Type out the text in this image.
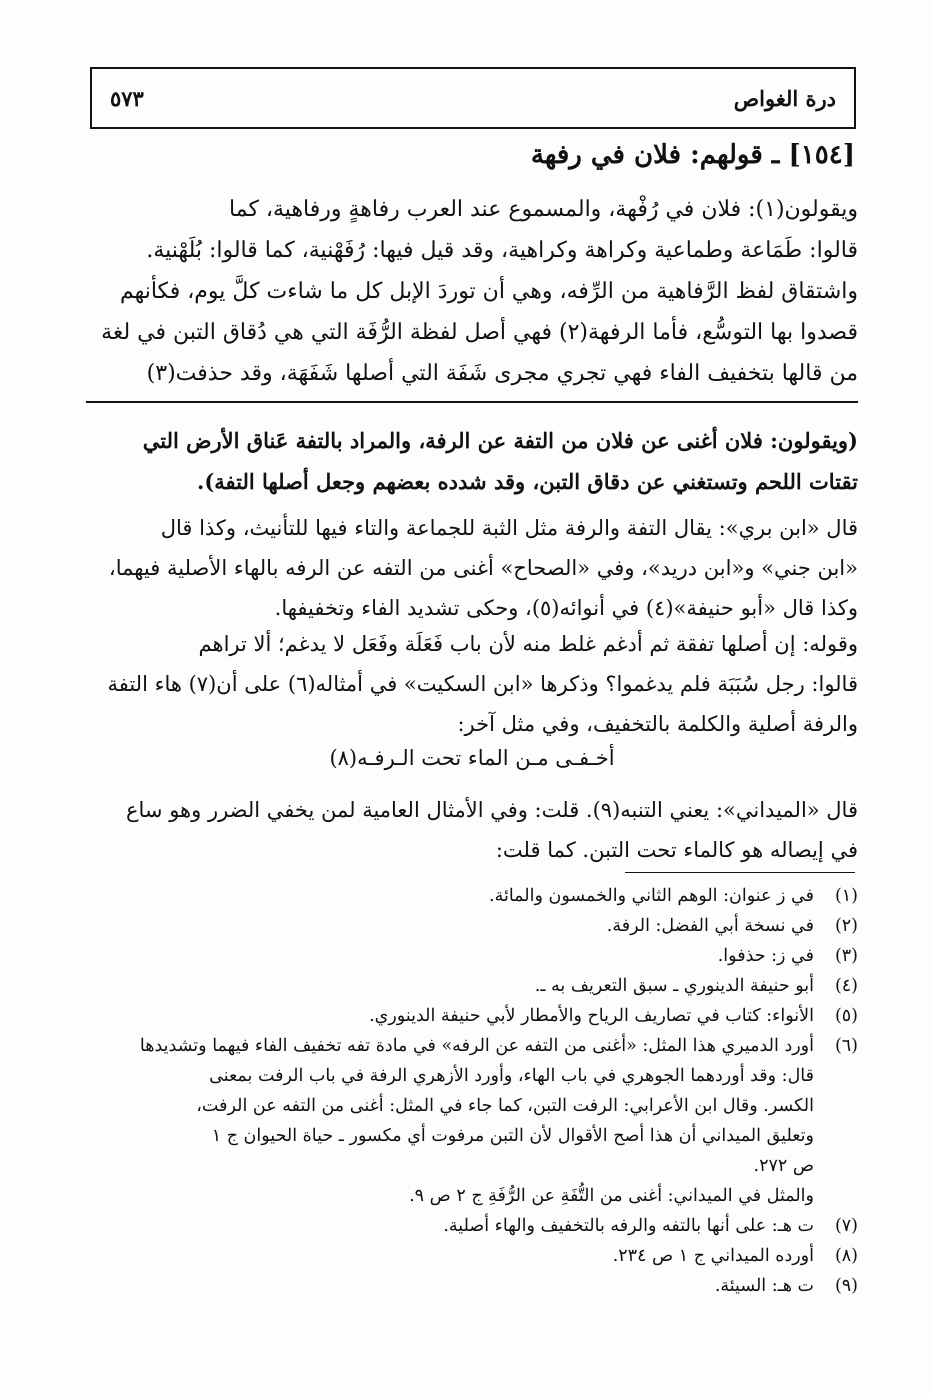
درة الغواص
٥٧٣
[١٥٤] ـ قولهم: فلان في رفهة
ويقولون(١): فلان في رُفْهة، والمسموع عند العرب رفاهةٍ ورفاهية، كما
قالوا: طَمَاعة وطماعية وكراهة وكراهية، وقد قيل فيها: رُفَهْنية، كما قالوا: بُلَهْنية.
واشتقاق لفظ الرَّفاهية من الرِّفه، وهي أن توردَ الإبل كل ما شاءت كلَّ يوم، فكأنهم
قصدوا بها التوسُّع، فأما الرفهة(٢) فهي أصل لفظة الرُّفَة التي هي دُقاق التبن في لغة
من قالها بتخفيف الفاء فهي تجري مجرى شَفَة التي أصلها شَفَهَة، وقد حذفت(٣)
(ويقولون: فلان أغنى عن فلان من التفة عن الرفة، والمراد بالتفة عَناق الأرض التي
تقتات اللحم وتستغني عن دقاق التبن، وقد شدده بعضهم وجعل أصلها التفة).
قال «ابن بري»: يقال التفة والرفة مثل الثبة للجماعة والتاء فيها للتأنيث، وكذا قال
«ابن جني» و«ابن دريد»، وفي «الصحاح» أغنى من التفه عن الرفه بالهاء الأصلية فيهما،
وكذا قال «أبو حنيفة»(٤) في أنوائه(٥)، وحكى تشديد الفاء وتخفيفها.
وقوله: إن أصلها تفقة ثم أدغم غلط منه لأن باب فَعَلَة وفَعَل لا يدغم؛ ألا تراهم
قالوا: رجل سُبَبَة فلم يدغموا؟ وذكرها «ابن السكيت» في أمثاله(٦) على أن(٧) هاء التفة
والرفة أصلية والكلمة بالتخفيف، وفي مثل آخر:
أخـفـى مـن الماء تحت الـرفـه(٨)
قال «الميداني»: يعني التنبه(٩). قلت: وفي الأمثال العامية لمن يخفي الضرر وهو ساع
في إيصاله هو كالماء تحت التبن. كما قلت:
(١)
في ز عنوان: الوهم الثاني والخمسون والمائة.
(٢)
في نسخة أبي الفضل: الرفة.
(٣)
في ز: حذفوا.
(٤)
أبو حنيفة الدينوري ـ سبق التعريف به ـ.
(٥)
الأنواء: كتاب في تصاريف الرياح والأمطار لأبي حنيفة الدينوري.
(٦)
أورد الدميري هذا المثل: «أغنى من التفه عن الرفه» في مادة تفه تخفيف الفاء فيهما وتشديدها
قال: وقد أوردهما الجوهري في باب الهاء، وأورد الأزهري الرفة في باب الرفت بمعنى
الكسر. وقال ابن الأعرابي: الرفت التبن، كما جاء في المثل: أغنى من التفه عن الرفت،
وتعليق الميداني أن هذا أصح الأقوال لأن التبن مرفوت أي مكسور ـ حياة الحيوان ج ١
ص ٢٧٢.
والمثل في الميداني: أغنى من التُّفَةِ عن الرُّفَةِ ج ٢ ص ٩.
(٧)
ت هـ: على أنها بالتفه والرفه بالتخفيف والهاء أصلية.
(٨)
أورده الميداني ج ١ ص ٢٣٤.
(٩)
ت هـ: السيئة.
